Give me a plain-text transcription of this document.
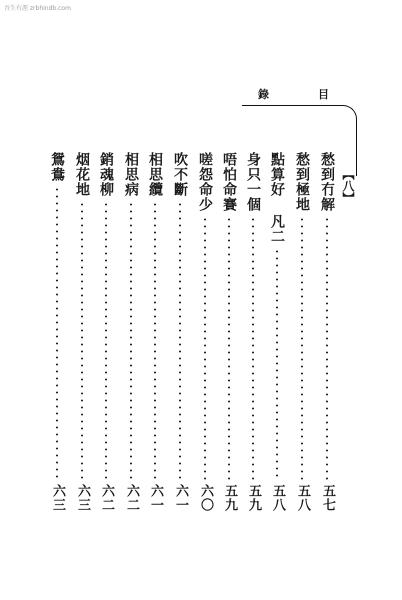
吾生有涯 zrbhindb.com
目
錄
【八】
愁到冇解
五七
愁到極地
五八
點算好 凡二
五八
身只一個
五九
唔怕命賽
五九
嗟怨命少
六〇
吹不斷
六一
相思纜
六一
相思病
六二
銷魂柳
六二
烟花地
六三
鴛鴦
六三
